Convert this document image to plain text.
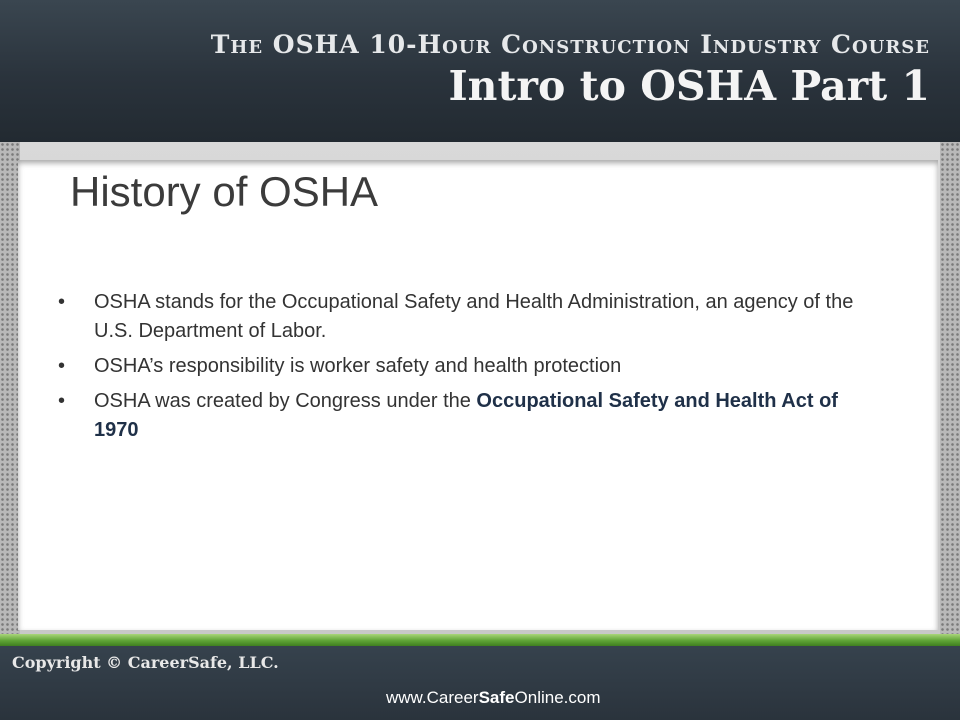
The OSHA 10-Hour Construction Industry Course
Intro to OSHA Part 1
History of OSHA
• OSHA stands for the Occupational Safety and Health Administration, an agency of the U.S. Department of Labor.
• OSHA’s responsibility is worker safety and health protection
• OSHA was created by Congress under the Occupational Safety and Health Act of 1970
Copyright © CareerSafe, LLC.
www.CareerSafeOnline.com
